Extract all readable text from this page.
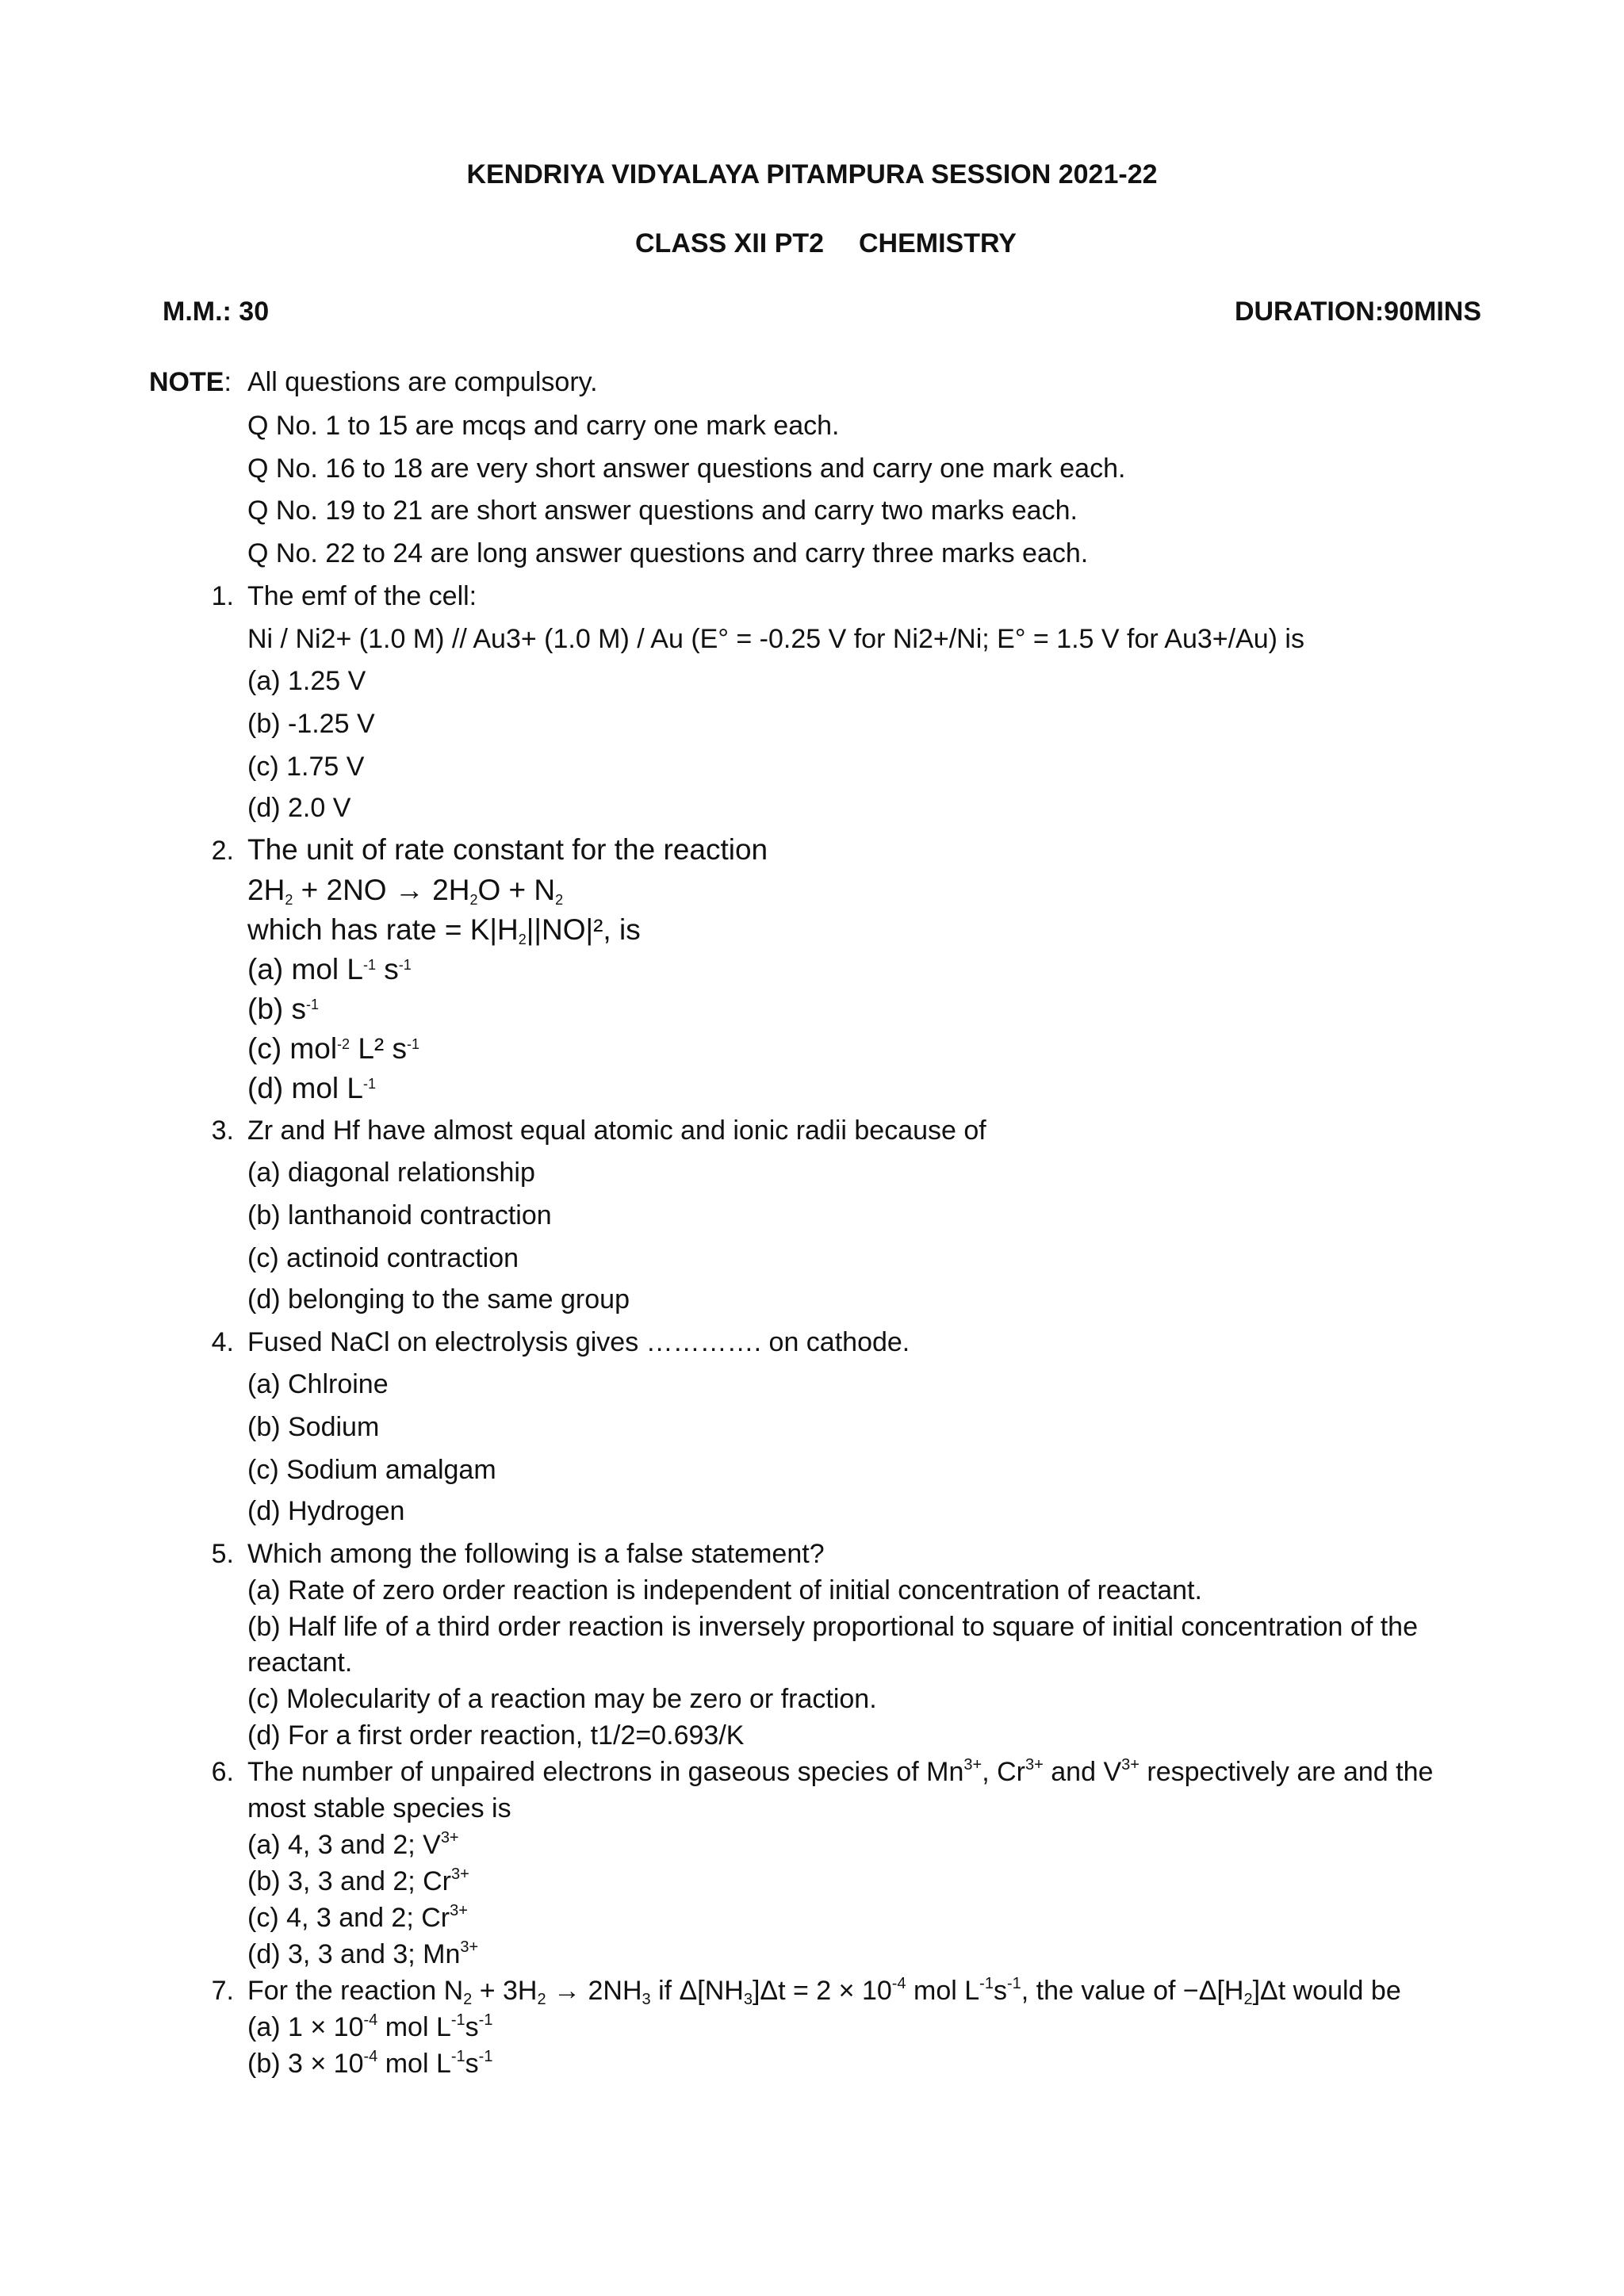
KENDRIYA VIDYALAYA PITAMPURA SESSION 2021-22
CLASS XII PT2 CHEMISTRY
M.M.: 30	DURATION:90MINS
NOTE: All questions are compulsory.
Q No. 1 to 15 are mcqs and carry one mark each.
Q No. 16 to 18 are very short answer questions and carry one mark each.
Q No. 19 to 21 are short answer questions and carry two marks each.
Q No. 22 to 24 are long answer questions and carry three marks each.
1. The emf of the cell:
Ni / Ni2+ (1.0 M) // Au3+ (1.0 M) / Au (E° = -0.25 V for Ni2+/Ni; E° = 1.5 V for Au3+/Au) is
(a) 1.25 V
(b) -1.25 V
(c) 1.75 V
(d) 2.0 V
2. The unit of rate constant for the reaction
$2H_2 + 2NO \to 2H_2O + N_2$
which has rate = $K|H_2||NO|^2$, is
(a) mol $L^{-1}$ $s^{-1}$
(b) $s^{-1}$
(c) mol$^{-2}$ L² $s^{-1}$
(d) mol $L^{-1}$
3. Zr and Hf have almost equal atomic and ionic radii because of
(a) diagonal relationship
(b) lanthanoid contraction
(c) actinoid contraction
(d) belonging to the same group
4. Fused NaCl on electrolysis gives …………. on cathode.
(a) Chlroine
(b) Sodium
(c) Sodium amalgam
(d) Hydrogen
5. Which among the following is a false statement?
(a) Rate of zero order reaction is independent of initial concentration of reactant.
(b) Half life of a third order reaction is inversely proportional to square of initial concentration of the
reactant.
(c) Molecularity of a reaction may be zero or fraction.
(d) For a first order reaction, t1/2=0.693/K
6. The number of unpaired electrons in gaseous species of $Mn^{3+}$, $Cr^{3+}$ and $V^{3+}$ respectively are and the
most stable species is
(a) 4, 3 and 2; $V^{3+}$
(b) 3, 3 and 2; $Cr^{3+}$
(c) 4, 3 and 2; $Cr^{3+}$
(d) 3, 3 and 3; $Mn^{3+}$
7. For the reaction $N_2 + 3H_2 \to 2NH_3$ if $\Delta[NH_3]\Delta t = 2 \times 10^{-4}$ mol $L^{-1}s^{-1}$, the value of $-\Delta[H_2]\Delta t$ would be
(a) $1 \times 10^{-4}$ mol $L^{-1}s^{-1}$
(b) $3 \times 10^{-4}$ mol $L^{-1}s^{-1}$
